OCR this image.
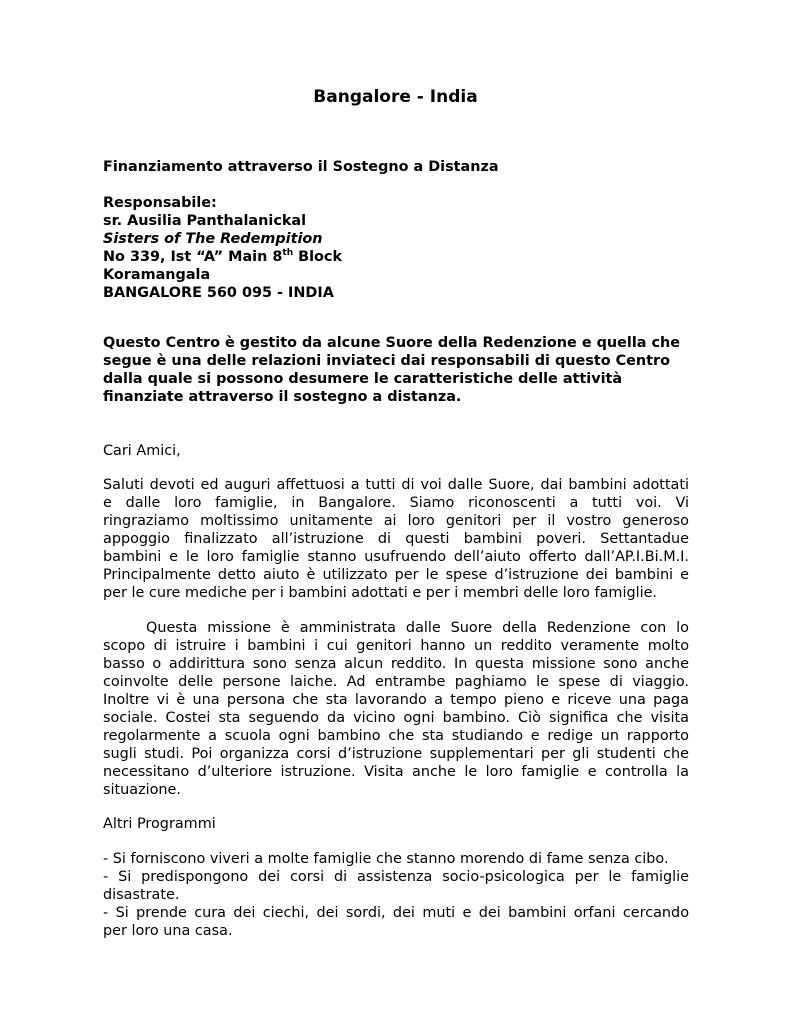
Bangalore - India
Finanziamento attraverso il Sostegno a Distanza
Responsabile:
sr. Ausilia Panthalanickal
Sisters of The Redempition
No 339, Ist “A” Main 8th Block
Koramangala
BANGALORE 560 095 - INDIA
Questo Centro è gestito da alcune Suore della Redenzione e quella che
segue è una delle relazioni inviateci dai responsabili di questo Centro
dalla quale si possono desumere le caratteristiche delle attività
finanziate attraverso il sostegno a distanza.
Cari Amici,
Saluti devoti ed auguri affettuosi a tutti di voi dalle Suore, dai bambini adottati
e dalle loro famiglie, in Bangalore. Siamo riconoscenti a tutti voi. Vi
ringraziamo moltissimo unitamente ai loro genitori per il vostro generoso
appoggio finalizzato all’istruzione di questi bambini poveri. Settantadue
bambini e le loro famiglie stanno usufruendo dell’aiuto offerto dall’AP.I.Bi.M.I.
Principalmente detto aiuto è utilizzato per le spese d’istruzione dei bambini e
per le cure mediche per i bambini adottati e per i membri delle loro famiglie.
Questa missione è amministrata dalle Suore della Redenzione con lo
scopo di istruire i bambini i cui genitori hanno un reddito veramente molto
basso o addirittura sono senza alcun reddito. In questa missione sono anche
coinvolte delle persone laiche. Ad entrambe paghiamo le spese di viaggio.
Inoltre vi è una persona che sta lavorando a tempo pieno e riceve una paga
sociale. Costei sta seguendo da vicino ogni bambino. Ciò significa che visita
regolarmente a scuola ogni bambino che sta studiando e redige un rapporto
sugli studi. Poi organizza corsi d’istruzione supplementari per gli studenti che
necessitano d’ulteriore istruzione. Visita anche le loro famiglie e controlla la
situazione.
Altri Programmi
- Si forniscono viveri a molte famiglie che stanno morendo di fame senza cibo.
- Si predispongono dei corsi di assistenza socio-psicologica per le famiglie
disastrate.
- Si prende cura dei ciechi, dei sordi, dei muti e dei bambini orfani cercando
per loro una casa.
